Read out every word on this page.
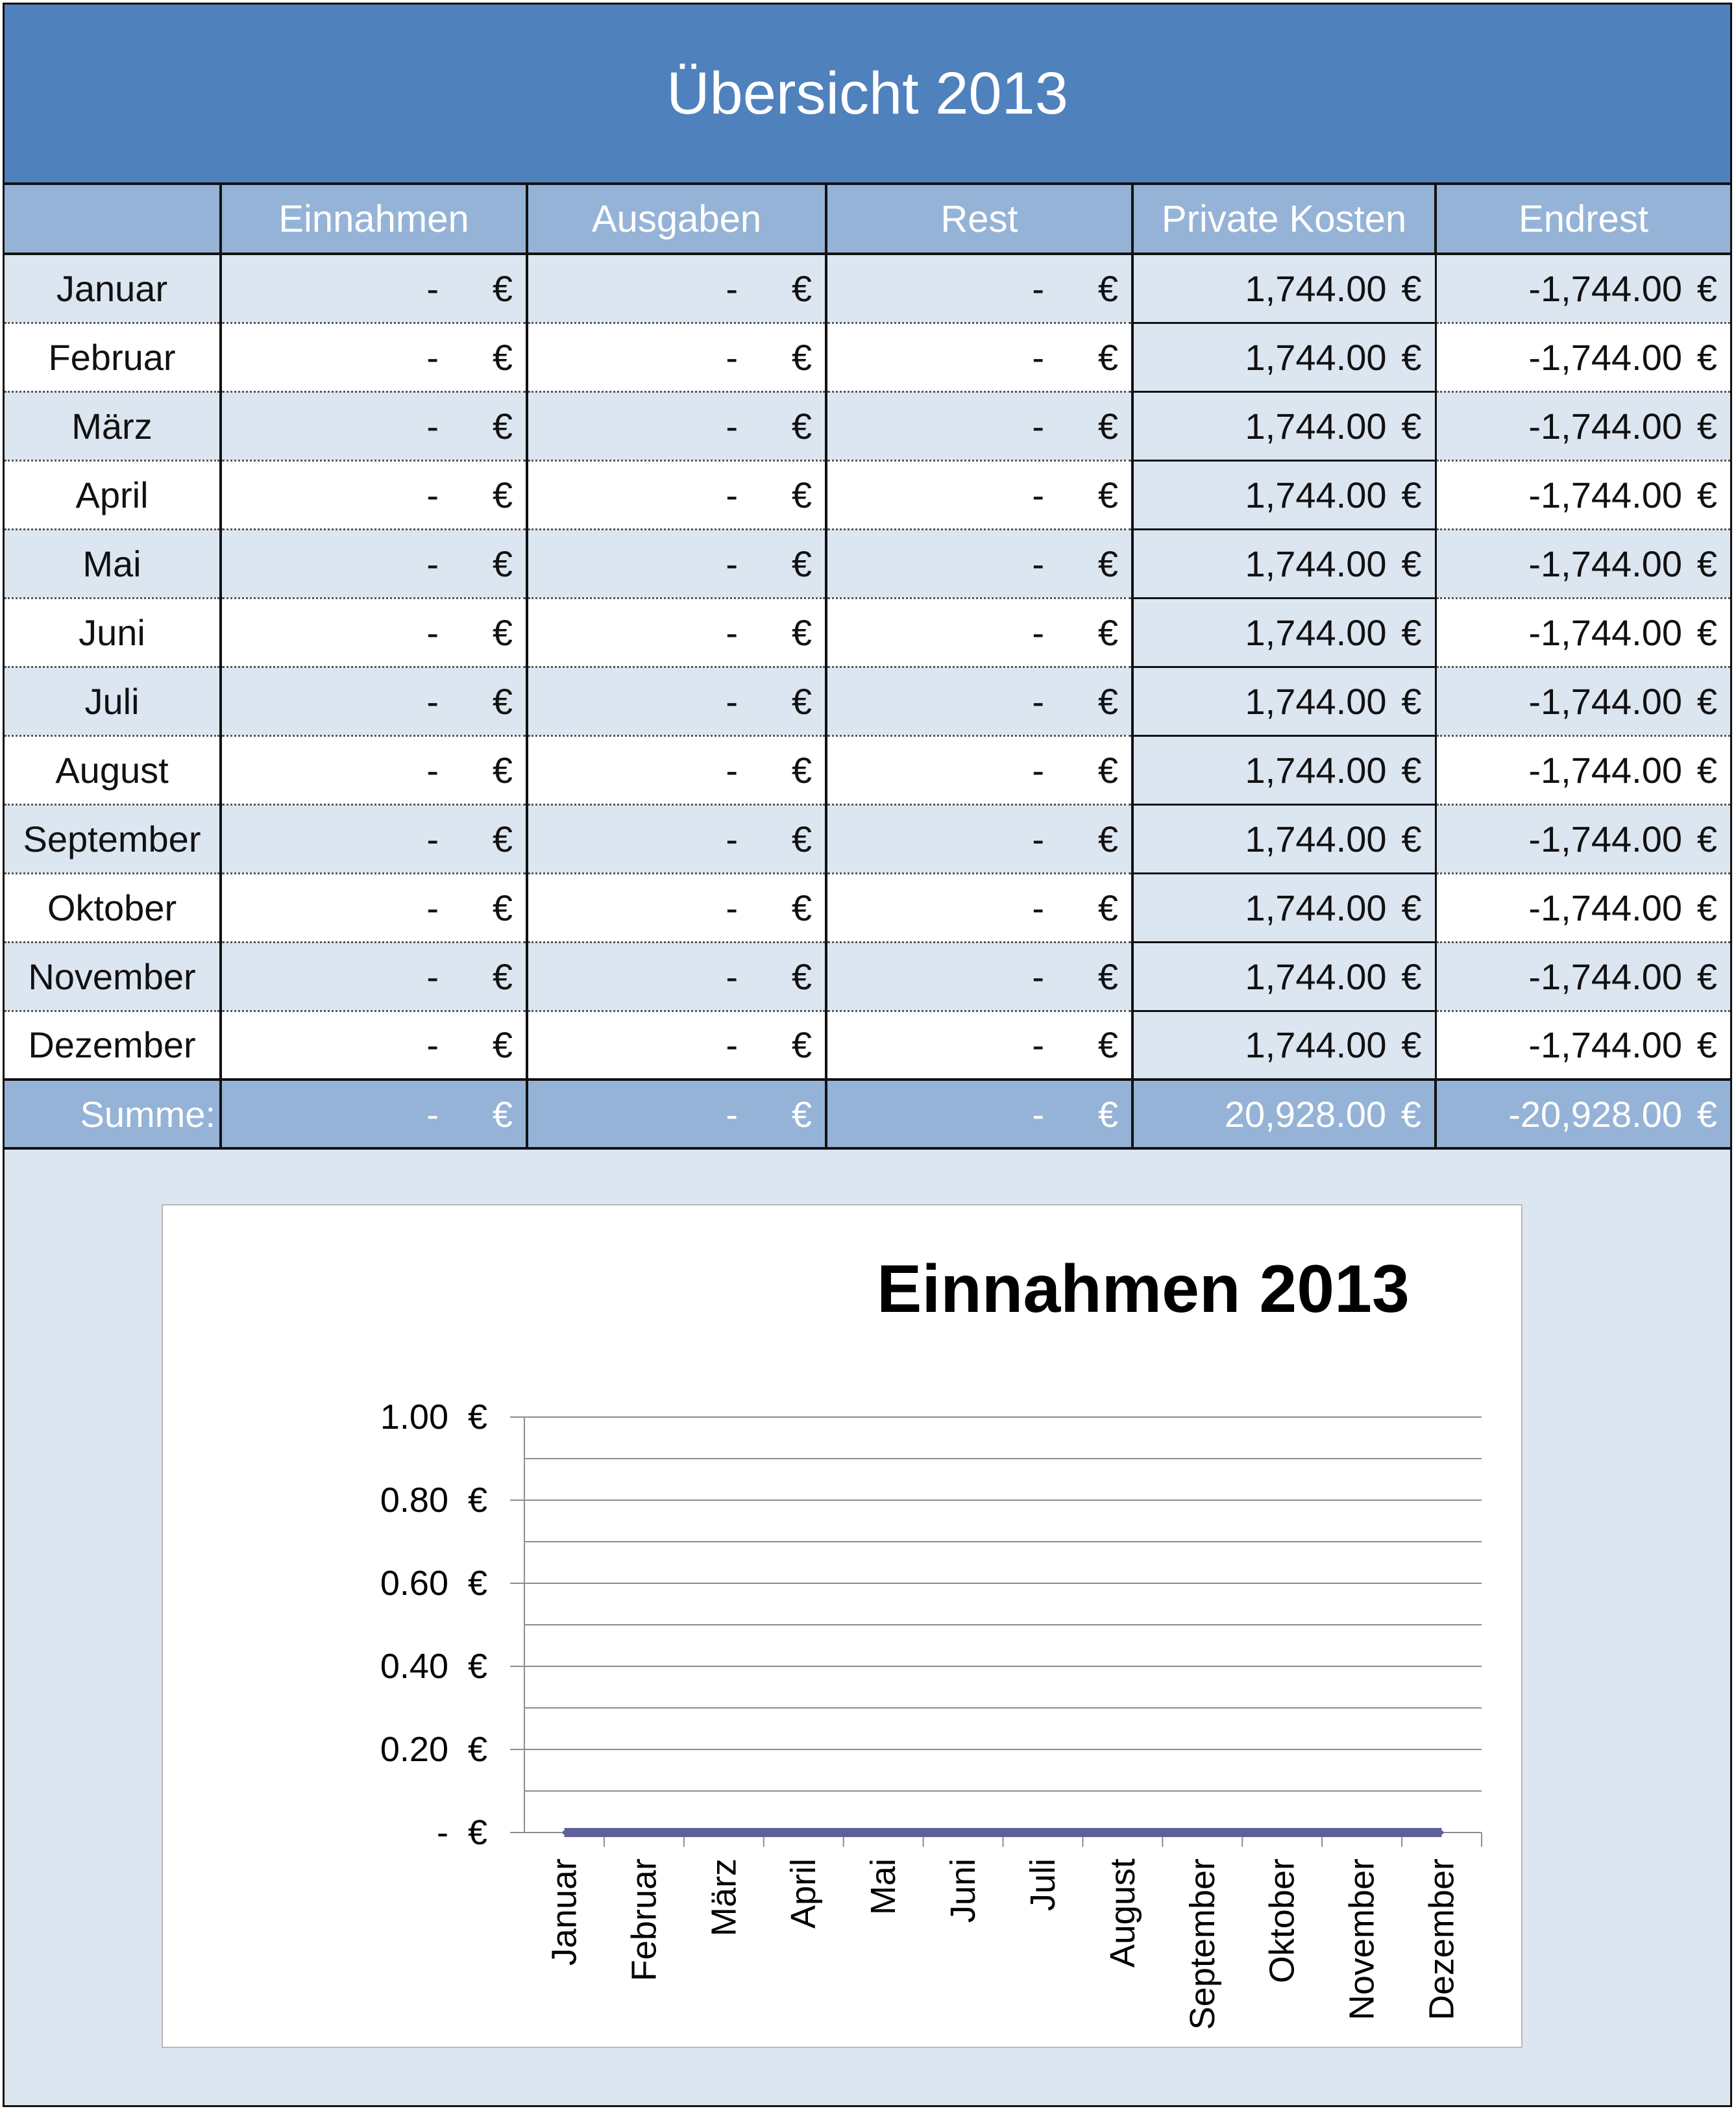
Übersicht 2013
	Einnahmen	Ausgaben	Rest	Private Kosten	Endrest
Januar	- €	- €	- €	1,744.00 €	-1,744.00 €

Februar	- €	- €	- €	1,744.00 €	-1,744.00 €

März	- €	- €	- €	1,744.00 €	-1,744.00 €

April	- €	- €	- €	1,744.00 €	-1,744.00 €

Mai	- €	- €	- €	1,744.00 €	-1,744.00 €

Juni	- €	- €	- €	1,744.00 €	-1,744.00 €

Juli	- €	- €	- €	1,744.00 €	-1,744.00 €

August	- €	- €	- €	1,744.00 €	-1,744.00 €

September	- €	- €	- €	1,744.00 €	-1,744.00 €

Oktober	- €	- €	- €	1,744.00 €	-1,744.00 €

November	- €	- €	- €	1,744.00 €	-1,744.00 €

Dezember	- €	- €	- €	1,744.00 €	-1,744.00 €

Summe:	- €	- €	- €	20,928.00 €	-20,928.00 €
Einnahmen 2013
- €
0.20 €
0.40 €
0.60 €
0.80 €
1.00 €
Januar Februar März April Mai Juni Juli August September Oktober November Dezember
